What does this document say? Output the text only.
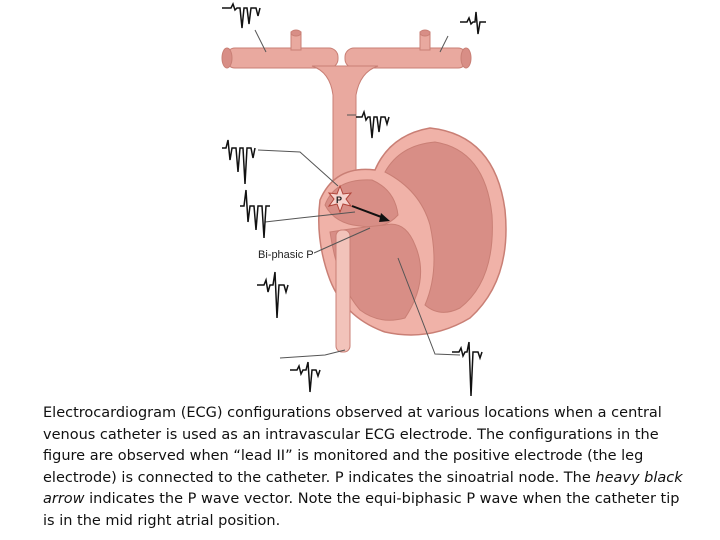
P
Bi-phasic P
Electrocardiogram (ECG) configurations observed at various locations when a central venous catheter is used as an intravascular ECG electrode. The configurations in the figure are observed when “lead II” is monitored and the positive electrode (the leg electrode) is connected to the catheter. P indicates the sinoatrial node. The heavy black arrow indicates the P wave vector. Note the equi-biphasic P wave when the catheter tip is in the mid right atrial position.
